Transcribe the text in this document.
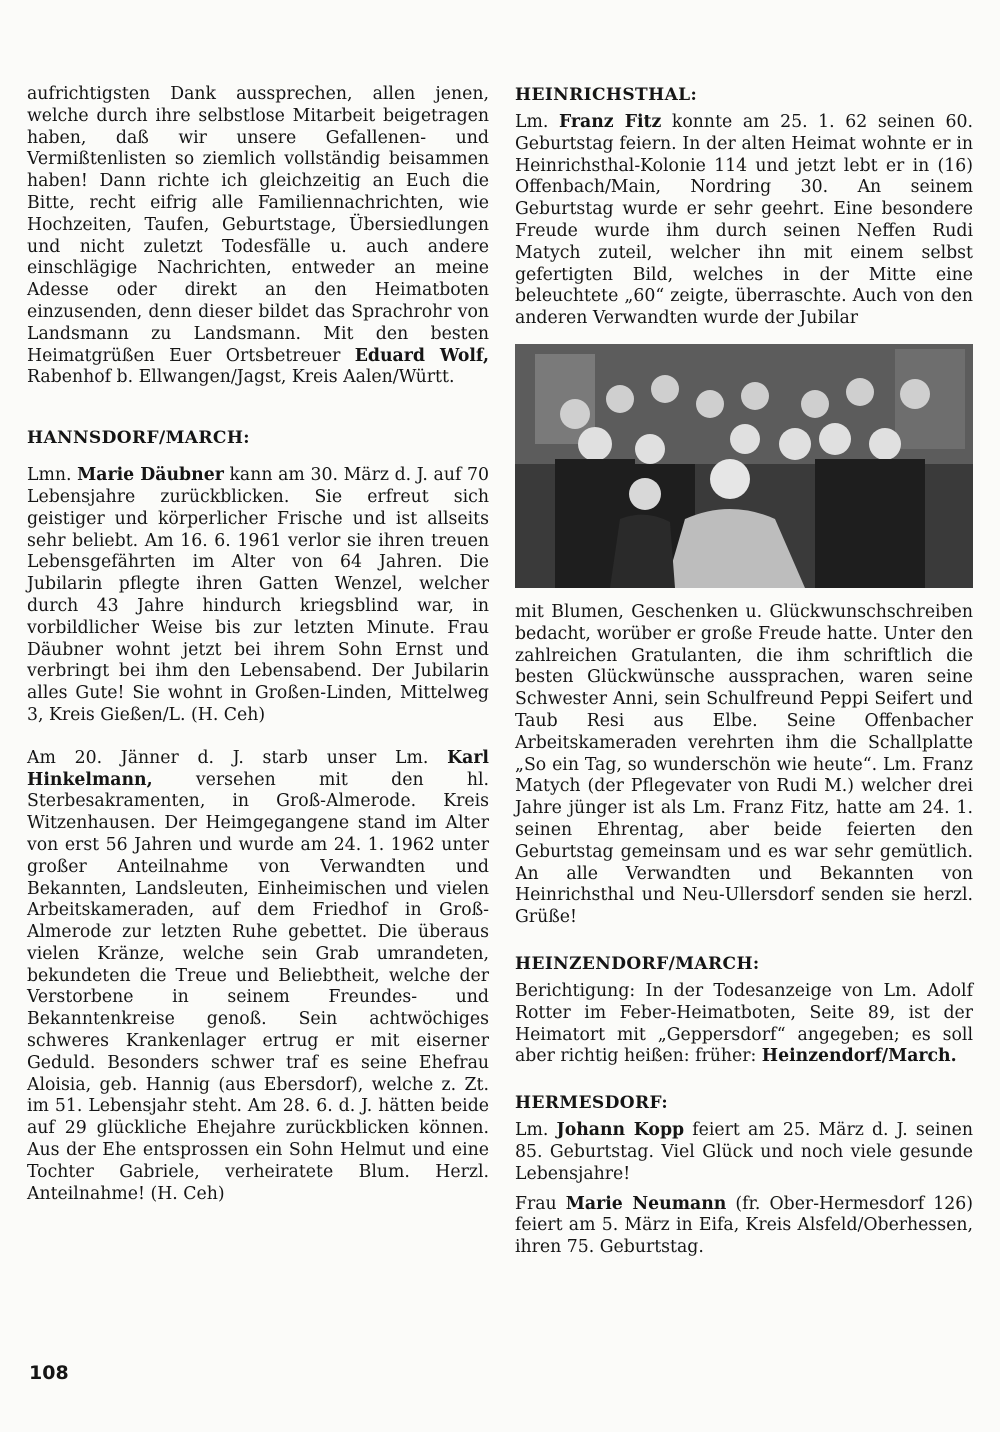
aufrichtigsten Dank aussprechen, allen jenen, welche durch ihre selbstlose Mitarbeit beigetragen haben, daß wir unsere Gefallenen- und Vermißtenlisten so ziemlich vollständig beisammen haben! Dann richte ich gleichzeitig an Euch die Bitte, recht eifrig alle Familiennachrichten, wie Hochzeiten, Taufen, Geburtstage, Übersiedlungen und nicht zuletzt Todesfälle u. auch andere einschlägige Nachrichten, entweder an meine Adesse oder direkt an den Heimatboten einzusenden, denn dieser bildet das Sprachrohr von Landsmann zu Landsmann. Mit den besten Heimatgrüßen Euer Ortsbetreuer Eduard Wolf, Rabenhof b. Ellwangen/Jagst, Kreis Aalen/Württ.

HANNSDORF/MARCH:

Lmn. Marie Däubner kann am 30. März d. J. auf 70 Lebensjahre zurückblicken. Sie erfreut sich geistiger und körperlicher Frische und ist allseits sehr beliebt. Am 16. 6. 1961 verlor sie ihren treuen Lebensgefährten im Alter von 64 Jahren. Die Jubilarin pflegte ihren Gatten Wenzel, welcher durch 43 Jahre hindurch kriegsblind war, in vorbildlicher Weise bis zur letzten Minute. Frau Däubner wohnt jetzt bei ihrem Sohn Ernst und verbringt bei ihm den Lebensabend. Der Jubilarin alles Gute! Sie wohnt in Großen-Linden, Mittelweg 3, Kreis Gießen/L. (H. Ceh)

Am 20. Jänner d. J. starb unser Lm. Karl Hinkelmann, versehen mit den hl. Sterbesakramenten, in Groß-Almerode. Kreis Witzenhausen. Der Heimgegangene stand im Alter von erst 56 Jahren und wurde am 24. 1. 1962 unter großer Anteilnahme von Verwandten und Bekannten, Landsleuten, Einheimischen und vielen Arbeitskameraden, auf dem Friedhof in Groß-Almerode zur letzten Ruhe gebettet. Die überaus vielen Kränze, welche sein Grab umrandeten, bekundeten die Treue und Beliebtheit, welche der Verstorbene in seinem Freundes- und Bekanntenkreise genoß. Sein achtwöchiges schweres Krankenlager ertrug er mit eiserner Geduld. Besonders schwer traf es seine Ehefrau Aloisia, geb. Hannig (aus Ebersdorf), welche z. Zt. im 51. Lebensjahr steht. Am 28. 6. d. J. hätten beide auf 29 glückliche Ehejahre zurückblicken können. Aus der Ehe entsprossen ein Sohn Helmut und eine Tochter Gabriele, verheiratete Blum. Herzl. Anteilnahme! (H. Ceh)

HEINRICHSTHAL:

Lm. Franz Fitz konnte am 25. 1. 62 seinen 60. Geburtstag feiern. In der alten Heimat wohnte er in Heinrichsthal-Kolonie 114 und jetzt lebt er in (16) Offenbach/Main, Nordring 30. An seinem Geburtstag wurde er sehr geehrt. Eine besondere Freude wurde ihm durch seinen Neffen Rudi Matych zuteil, welcher ihn mit einem selbst gefertigten Bild, welches in der Mitte eine beleuchtete „60“ zeigte, überraschte. Auch von den anderen Verwandten wurde der Jubilar

mit Blumen, Geschenken u. Glückwunschschreiben bedacht, worüber er große Freude hatte. Unter den zahlreichen Gratulanten, die ihm schriftlich die besten Glückwünsche aussprachen, waren seine Schwester Anni, sein Schulfreund Peppi Seifert und Taub Resi aus Elbe. Seine Offenbacher Arbeitskameraden verehrten ihm die Schallplatte „So ein Tag, so wunderschön wie heute“. Lm. Franz Matych (der Pflegevater von Rudi M.) welcher drei Jahre jünger ist als Lm. Franz Fitz, hatte am 24. 1. seinen Ehrentag, aber beide feierten den Geburtstag gemeinsam und es war sehr gemütlich. An alle Verwandten und Bekannten von Heinrichsthal und Neu-Ullersdorf senden sie herzl. Grüße!

HEINZENDORF/MARCH:

Berichtigung: In der Todesanzeige von Lm. Adolf Rotter im Feber-Heimatboten, Seite 89, ist der Heimatort mit „Geppersdorf“ angegeben; es soll aber richtig heißen: früher: Heinzendorf/March.

HERMESDORF:

Lm. Johann Kopp feiert am 25. März d. J. seinen 85. Geburtstag. Viel Glück und noch viele gesunde Lebensjahre!

Frau Marie Neumann (fr. Ober-Hermesdorf 126) feiert am 5. März in Eifa, Kreis Alsfeld/Oberhessen, ihren 75. Geburtstag.

108
